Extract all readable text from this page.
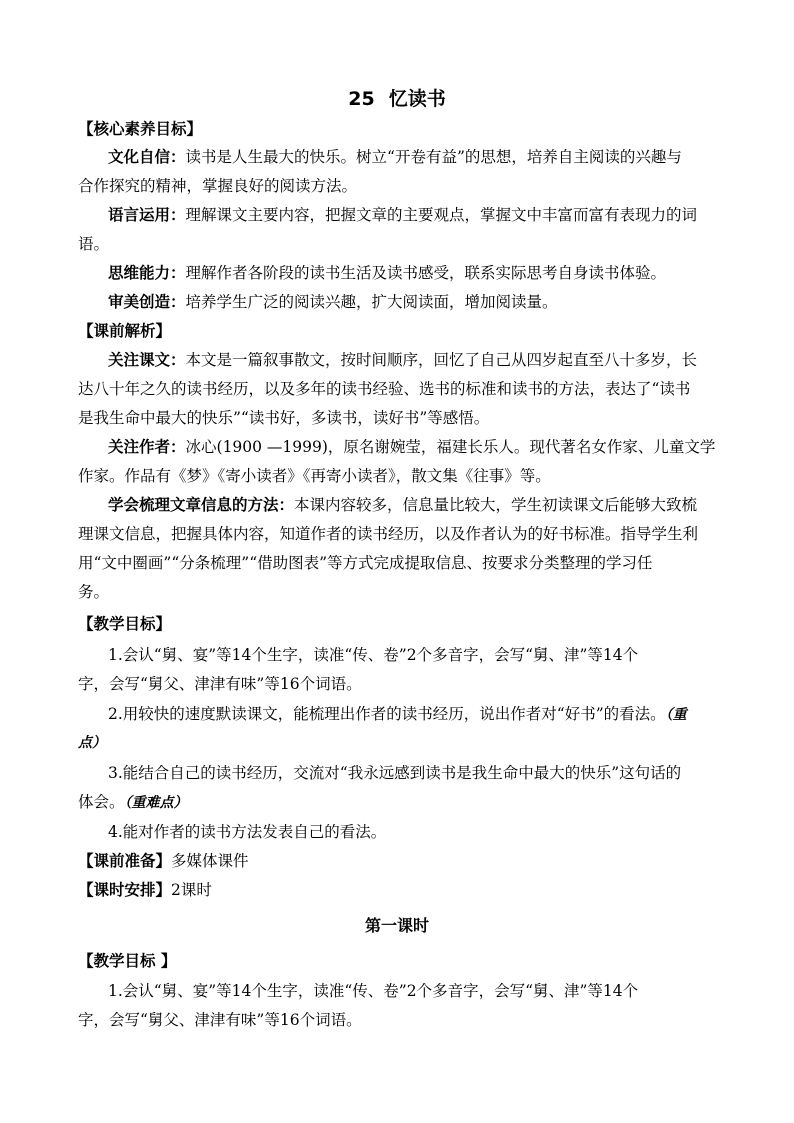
25 忆读书
【核心素养目标】
文化自信：读书是人生最大的快乐。树立“开卷有益”的思想，培养自主阅读的兴趣与
合作探究的精神，掌握良好的阅读方法。
语言运用：理解课文主要内容，把握文章的主要观点，掌握文中丰富而富有表现力的词
语。
思维能力：理解作者各阶段的读书生活及读书感受，联系实际思考自身读书体验。
审美创造：培养学生广泛的阅读兴趣，扩大阅读面，增加阅读量。
【课前解析】
关注课文：本文是一篇叙事散文，按时间顺序，回忆了自己从四岁起直至八十多岁，长
达八十年之久的读书经历，以及多年的读书经验、选书的标准和读书的方法，表达了“读书
是我生命中最大的快乐”“读书好，多读书，读好书”等感悟。
关注作者：冰心(1900 —1999)，原名谢婉莹，福建长乐人。现代著名女作家、儿童文学
作家。作品有《梦》《寄小读者》《再寄小读者》，散文集《往事》等。
学会梳理文章信息的方法：本课内容较多，信息量比较大，学生初读课文后能够大致梳
理课文信息，把握具体内容，知道作者的读书经历，以及作者认为的好书标准。指导学生利
用“文中圈画”“分条梳理”“借助图表”等方式完成提取信息、按要求分类整理的学习任
务。
【教学目标】
1.会认“舅、宴”等14个生字，读准“传、卷”2个多音字，会写“舅、津”等14个
字，会写“舅父、津津有味”等16个词语。
2.用较快的速度默读课文，能梳理出作者的读书经历，说出作者对“好书”的看法。（重
点）
3.能结合自己的读书经历，交流对“我永远感到读书是我生命中最大的快乐”这句话的
体会。（重难点）
4.能对作者的读书方法发表自己的看法。
【课前准备】多媒体课件
【课时安排】2课时
第一课时
【教学目标 】
1.会认“舅、宴”等14个生字，读准“传、卷”2个多音字，会写“舅、津”等14个
字，会写“舅父、津津有味”等16个词语。
